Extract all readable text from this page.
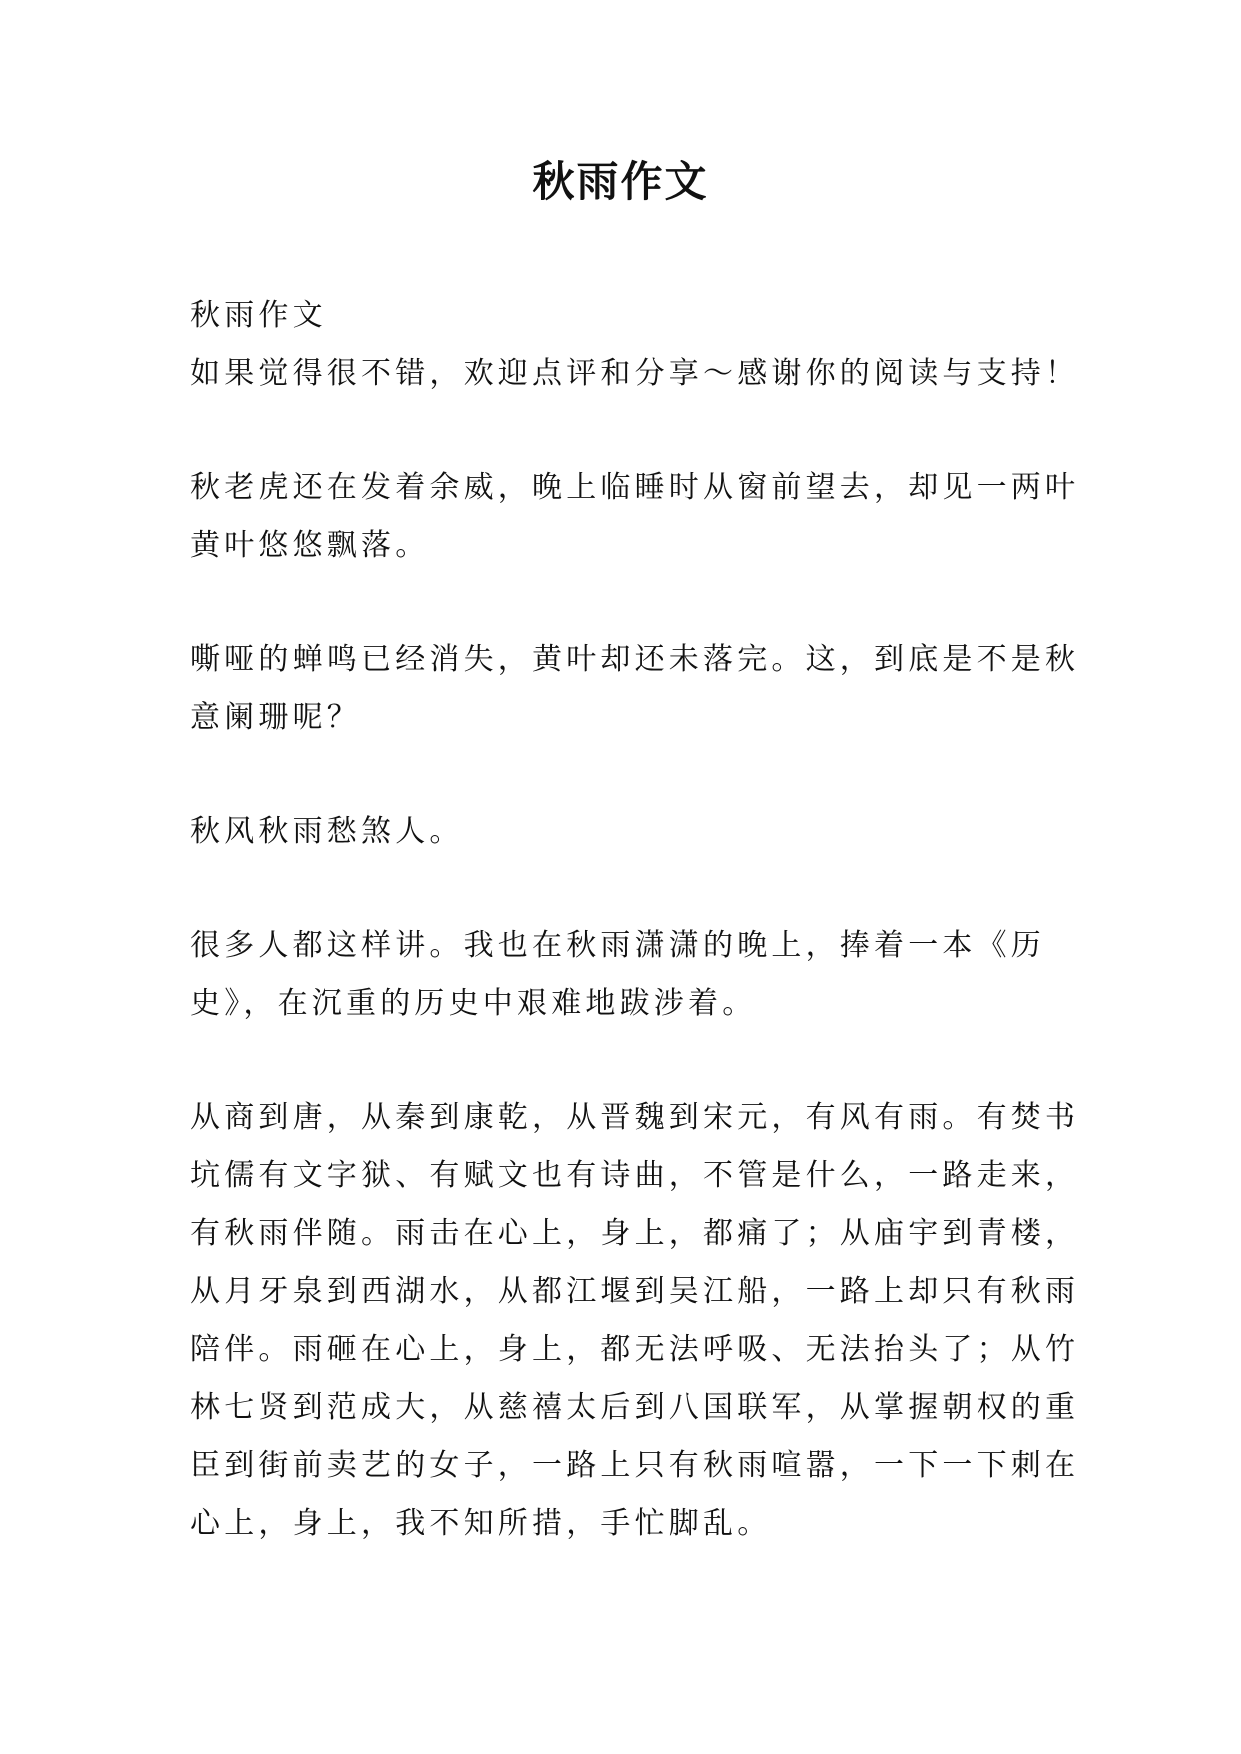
秋雨作文

秋雨作文

如果觉得很不错，欢迎点评和分享～感谢你的阅读与支持！

秋老虎还在发着余威，晚上临睡时从窗前望去，却见一两叶

黄叶悠悠飘落。

嘶哑的蝉鸣已经消失，黄叶却还未落完。这，到底是不是秋

意阑珊呢？

秋风秋雨愁煞人。

很多人都这样讲。我也在秋雨潇潇的晚上，捧着一本《历

史》，在沉重的历史中艰难地跋涉着。

从商到唐，从秦到康乾，从晋魏到宋元，有风有雨。有焚书

坑儒有文字狱、有赋文也有诗曲，不管是什么，一路走来，

有秋雨伴随。雨击在心上，身上，都痛了；从庙宇到青楼，

从月牙泉到西湖水，从都江堰到吴江船，一路上却只有秋雨

陪伴。雨砸在心上，身上，都无法呼吸、无法抬头了；从竹

林七贤到范成大，从慈禧太后到八国联军，从掌握朝权的重

臣到街前卖艺的女子，一路上只有秋雨喧嚣，一下一下刺在

心上，身上，我不知所措，手忙脚乱。
